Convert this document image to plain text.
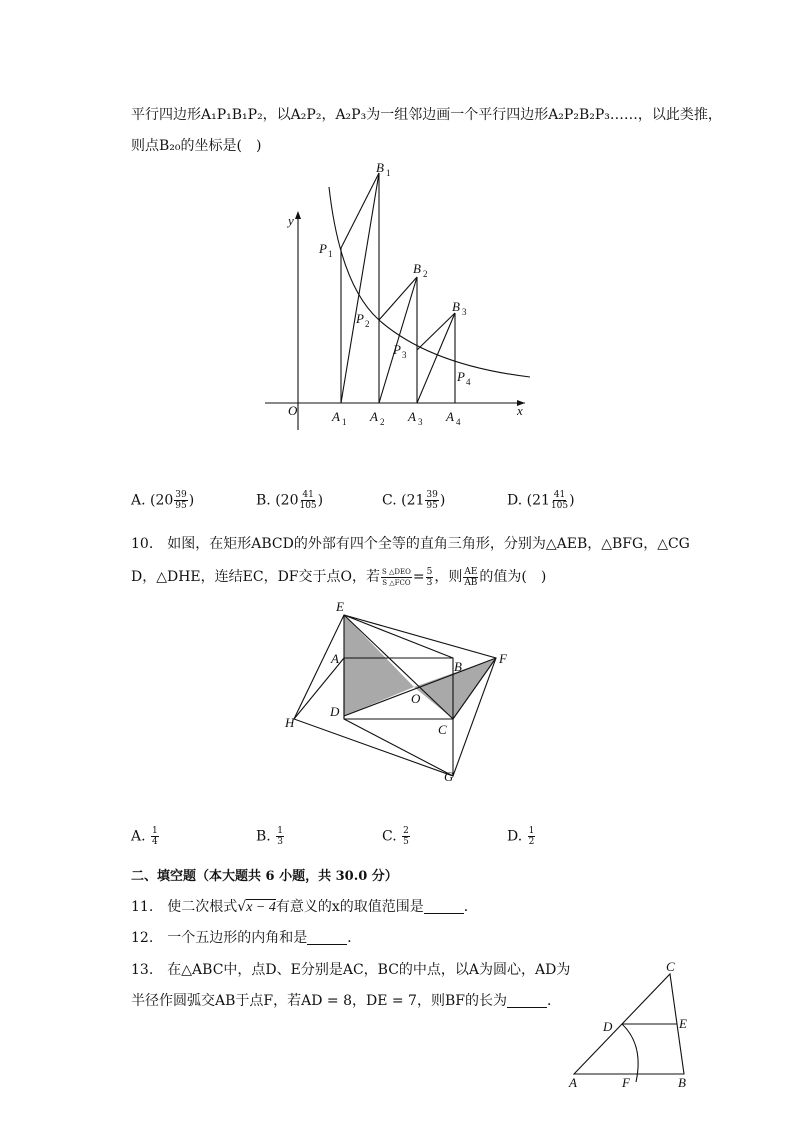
平行四边形A₁P₁B₁P₂，以A₂P₂，A₂P₃为一组邻边画一个平行四边形A₂P₂B₂P₃……，以此类推，
则点B₂₀的坐标是(　)
y
x
O
B 1
B 2
B 3
P 1
P 2
P 3
P 4
A 1 A 2 A 3 A 4
A. ($20 \frac{39}{95}$ )	B. ($20 \frac{41}{105}$ )	C. ($21 \frac{39}{95}$ )	D. ($21 \frac{41}{105}$ )
10.　如图，在矩形ABCD的外部有四个全等的直角三角形，分别为△AEB，△BFG，△CG
D，△DHE，连结EC，DF交于点O，若 $\frac{\text{S △DEO}}{\text{S △FCO}} = \frac{5}{3}$ ，则 $\frac{AE}{AB}$ 的值为(　)
E
A
B
F
H
D
O
C
G
A. $\frac{1}{4}$	B. $\frac{1}{3}$	C. $\frac{2}{5}$	D. $\frac{1}{2}$
二、填空题（本大题共 6 小题，共 30.0 分）
11.　使二次根式√x − 4有意义的x的取值范围是	．
12.　一个五边形的内角和是	．
13.　在△ABC中，点D、E分别是AC，BC的中点，以A为圆心，AD为
半径作圆弧交AB于点F，若AD = 8，DE = 7，则BF的长为	．
C
D	E
A	F	B
